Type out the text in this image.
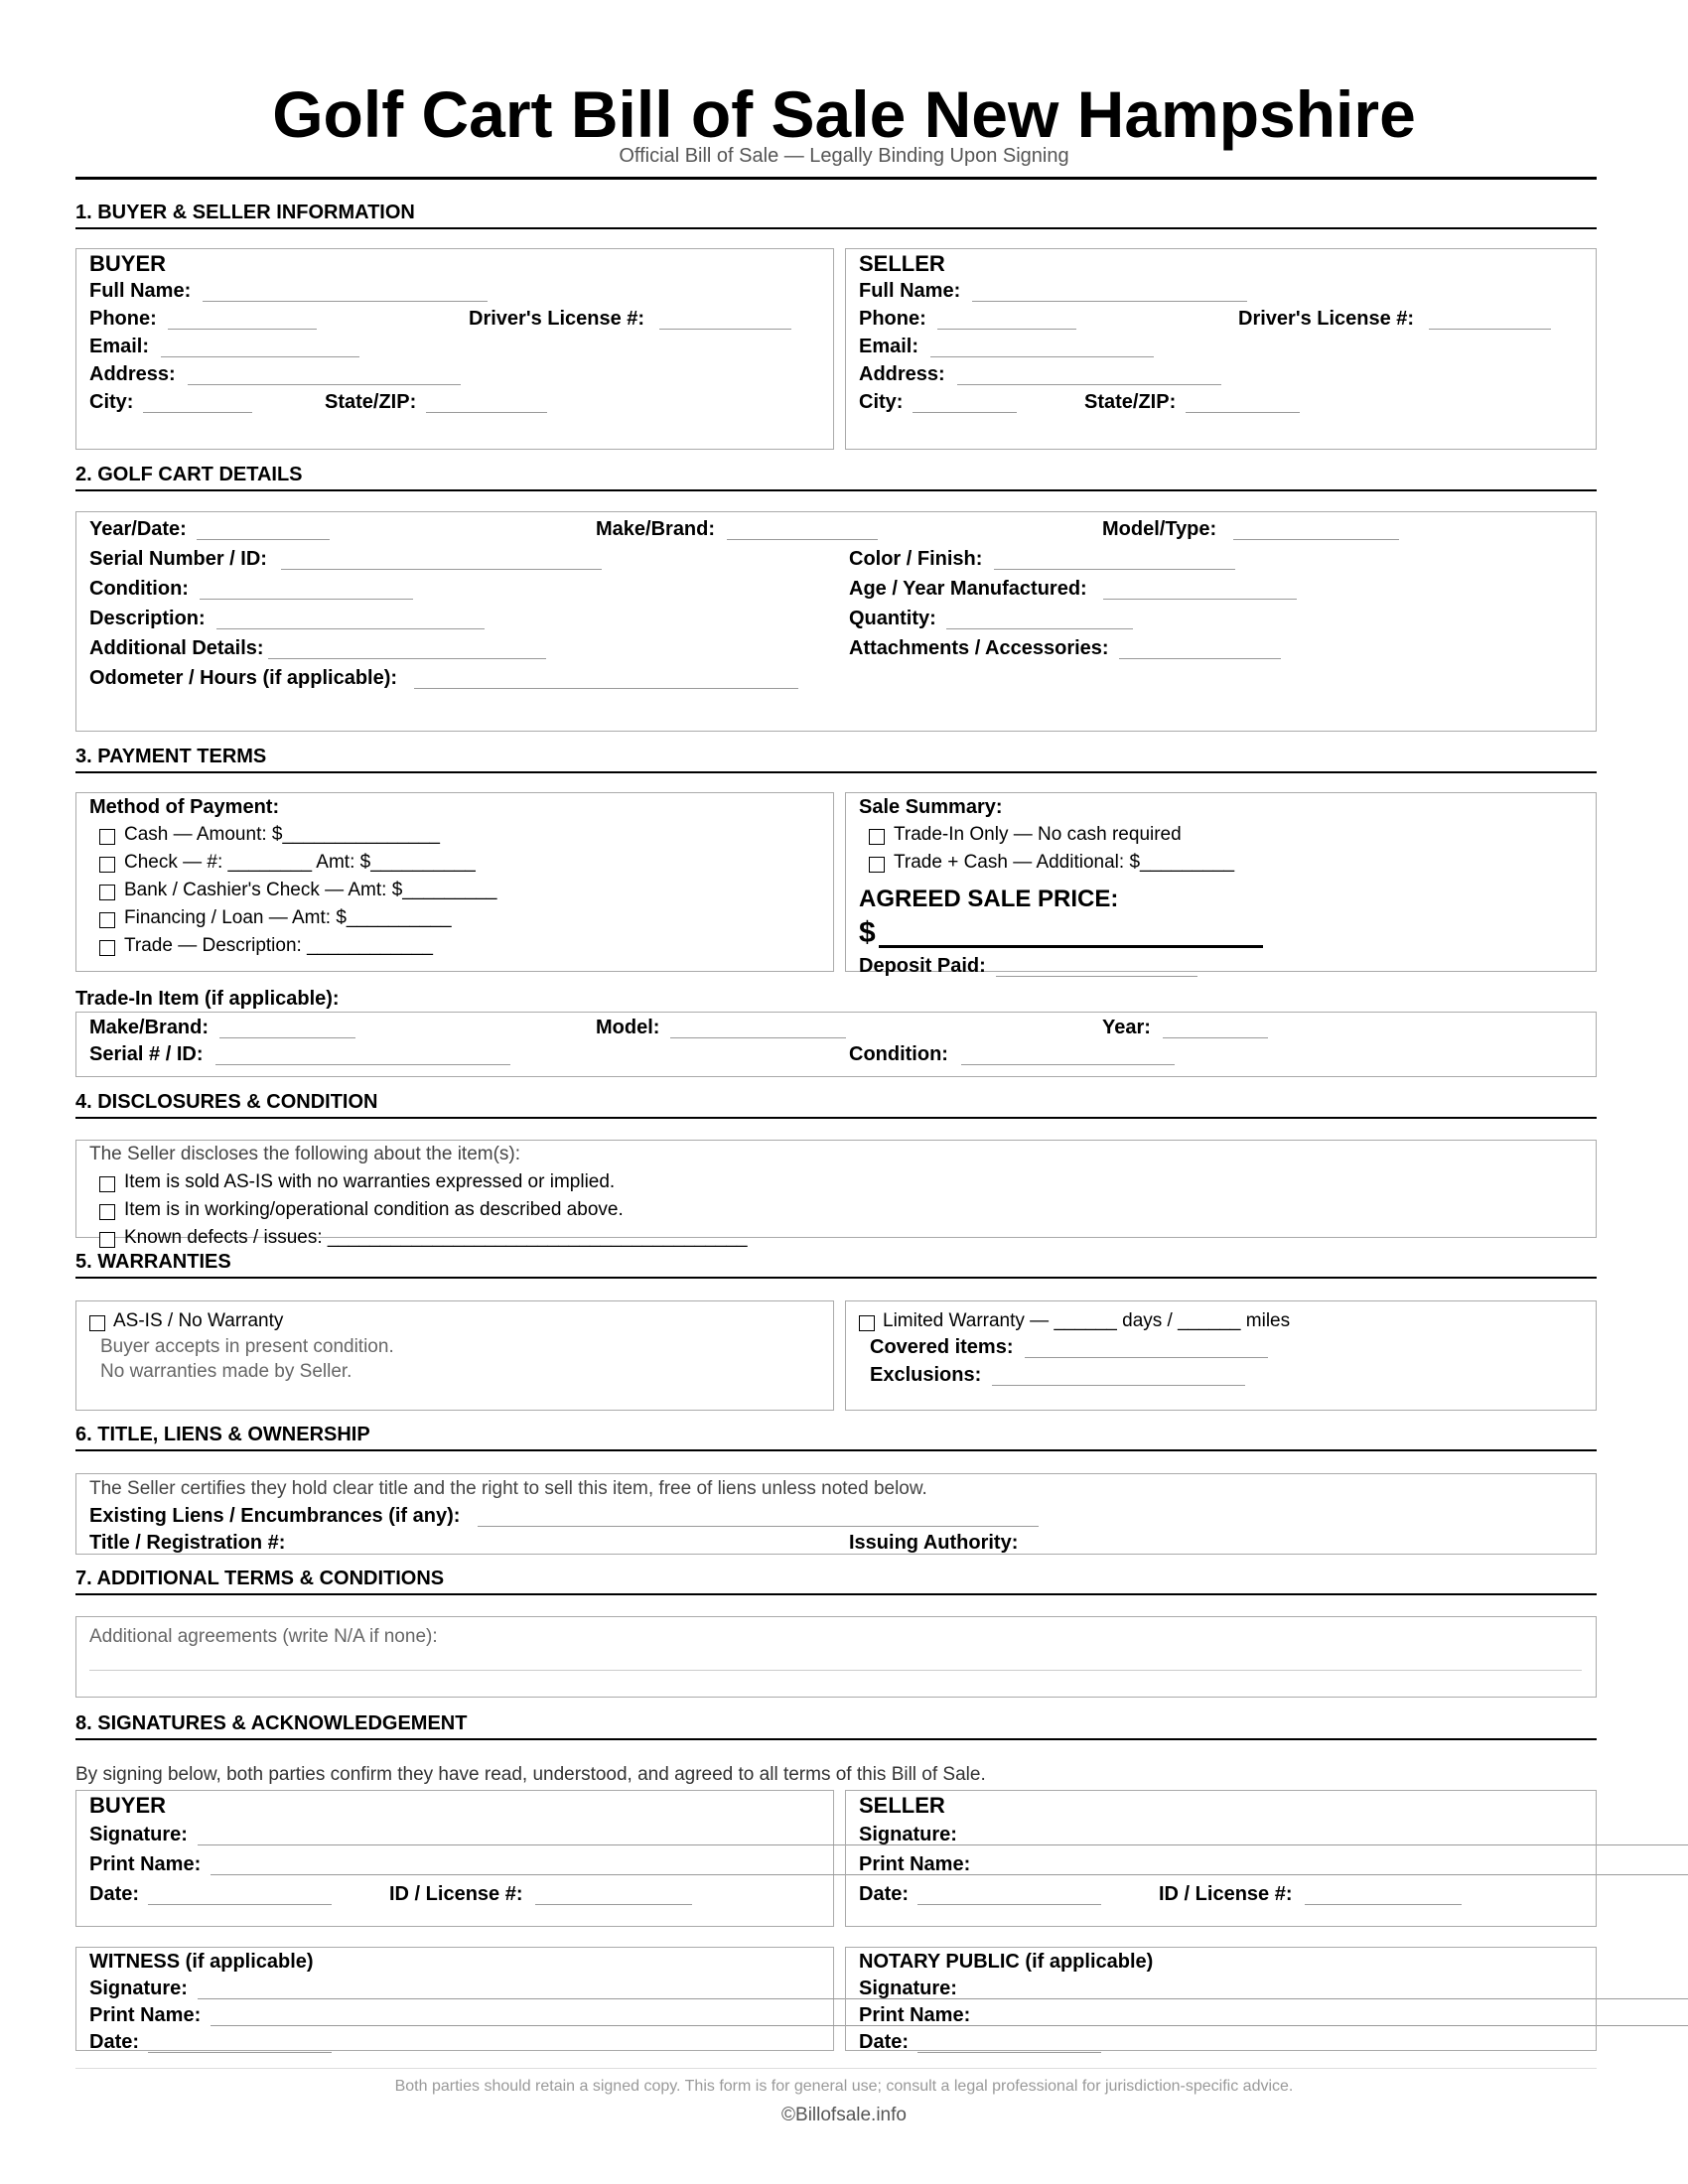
Golf Cart Bill of Sale New Hampshire
Official Bill of Sale — Legally Binding Upon Signing
1. BUYER & SELLER INFORMATION
BUYER
Full Name:
Phone:	Driver's License #:
Email:
Address:
City:	State/ZIP:
SELLER
Full Name:
Phone:	Driver's License #:
Email:
Address:
City:	State/ZIP:
2. GOLF CART DETAILS
Year/Date:	Make/Brand:	Model/Type:
Serial Number / ID:	Color / Finish:
Condition:	Age / Year Manufactured:
Description:	Quantity:
Additional Details:	Attachments / Accessories:
Odometer / Hours (if applicable):
3. PAYMENT TERMS
Method of Payment:
Cash — Amount: $_______________
Check — #: ________ Amt: $__________
Bank / Cashier's Check — Amt: $_________
Financing / Loan — Amt: $__________
Trade — Description: ____________
Sale Summary:
Trade-In Only — No cash required
Trade + Cash — Additional: $_________
AGREED SALE PRICE:
$
Deposit Paid:
Trade-In Item (if applicable):
Make/Brand:	Model:	Year:
Serial # / ID:	Condition:
4. DISCLOSURES & CONDITION
The Seller discloses the following about the item(s):
Item is sold AS-IS with no warranties expressed or implied.
Item is in working/operational condition as described above.
Known defects / issues: ________________________________________
5. WARRANTIES
AS-IS / No Warranty
Buyer accepts in present condition.
No warranties made by Seller.
Limited Warranty — ______ days / ______ miles
Covered items:
Exclusions:
6. TITLE, LIENS & OWNERSHIP
The Seller certifies they hold clear title and the right to sell this item, free of liens unless noted below.
Existing Liens / Encumbrances (if any):
Title / Registration #:	Issuing Authority:
7. ADDITIONAL TERMS & CONDITIONS
Additional agreements (write N/A if none):
8. SIGNATURES & ACKNOWLEDGEMENT
By signing below, both parties confirm they have read, understood, and agreed to all terms of this Bill of Sale.
BUYER
Signature:
Print Name:
Date:	ID / License #:
SELLER
Signature:
Print Name:
Date:	ID / License #:
WITNESS (if applicable)
Signature:
Print Name:
Date:
NOTARY PUBLIC (if applicable)
Signature:
Print Name:
Date:
Both parties should retain a signed copy. This form is for general use; consult a legal professional for jurisdiction-specific advice.
©Billofsale.info
